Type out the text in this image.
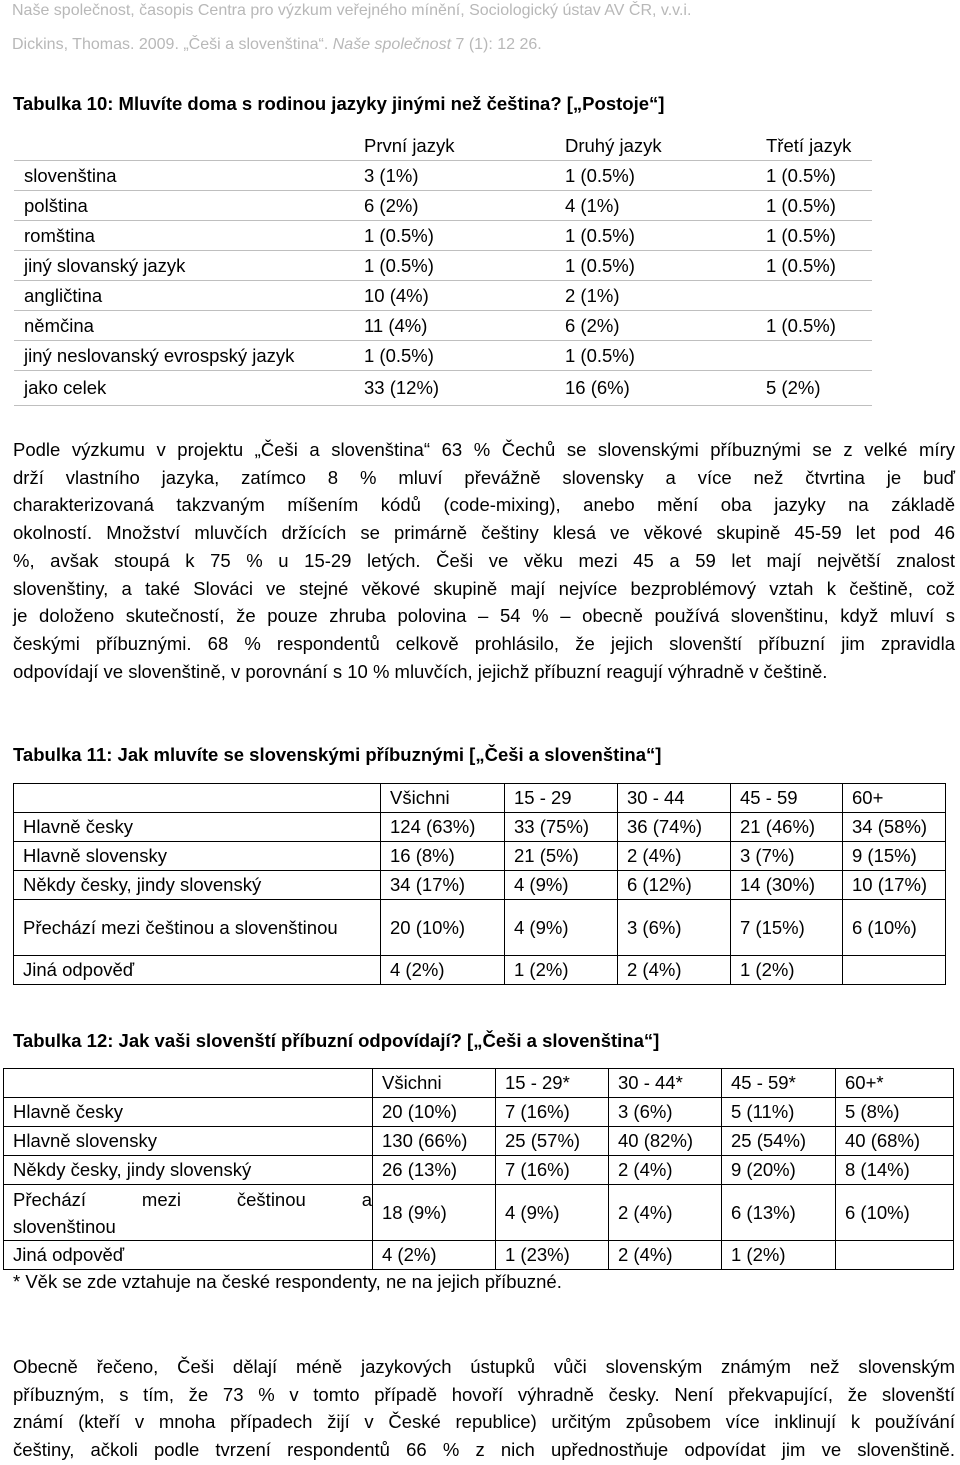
Naše společnost, časopis Centra pro výzkum veřejného mínění, Sociologický ústav AV ČR, v.v.i.
Dickins, Thomas. 2009. „Češi a slovenština“. Naše společnost 7 (1): 12 26.
Tabulka 10: Mluvíte doma s rodinou jazyky jinými než čeština? [„Postoje“]
	První jazyk	Druhý jazyk	Třetí jazyk
slovenština	3 (1%)	1 (0.5%)	1 (0.5%)
polština	6 (2%)	4 (1%)	1 (0.5%)
romština	1 (0.5%)	1 (0.5%)	1 (0.5%)
jiný slovanský jazyk	1 (0.5%)	1 (0.5%)	1 (0.5%)
angličtina	10 (4%)	2 (1%)	
němčina	11 (4%)	6 (2%)	1 (0.5%)
jiný neslovanský evrospský jazyk	1 (0.5%)	1 (0.5%)	
jako celek	33 (12%)	16 (6%)	5 (2%)
Podle výzkumu v projektu „Češi a slovenština“ 63 % Čechů se slovenskými příbuznými se z velké míry
drží vlastního jazyka, zatímco 8 % mluví převážně slovensky a více než čtvrtina je buď
charakterizovaná takzvaným míšením kódů (code-mixing), anebo mění oba jazyky na základě
okolností. Množství mluvčích držících se primárně češtiny klesá ve věkové skupině 45-59 let pod 46
%, avšak stoupá k 75 % u 15-29 letých. Češi ve věku mezi 45 a 59 let mají největší znalost
slovenštiny, a také Slováci ve stejné věkové skupině mají nejvíce bezproblémový vztah k češtině, což
je doloženo skutečností, že pouze zhruba polovina – 54 % – obecně používá slovenštinu, když mluví s
českými příbuznými. 68 % respondentů celkově prohlásilo, že jejich slovenští příbuzní jim zpravidla
odpovídají ve slovenštině, v porovnání s 10 % mluvčích, jejichž příbuzní reagují výhradně v češtině.
Tabulka 11: Jak mluvíte se slovenskými příbuznými [„Češi a slovenština“]
	Všichni	15 - 29	30 - 44	45 - 59	60+
Hlavně česky	124 (63%)	33 (75%)	36 (74%)	21 (46%)	34 (58%)
Hlavně slovensky	16 (8%)	21 (5%)	2 (4%)	3 (7%)	9 (15%)
Někdy česky, jindy slovenský	34 (17%)	4 (9%)	6 (12%)	14 (30%)	10 (17%)
Přechází mezi češtinou a slovenštinou	20 (10%)	4 (9%)	3 (6%)	7 (15%)	6 (10%)
Jiná odpověď	4 (2%)	1 (2%)	2 (4%)	1 (2%)	
Tabulka 12: Jak vaši slovenští příbuzní odpovídají? [„Češi a slovenština“]
	Všichni	15 - 29*	30 - 44*	45 - 59*	60+*
Hlavně česky	20 (10%)	7 (16%)	3 (6%)	5 (11%)	5 (8%)
Hlavně slovensky	130 (66%)	25 (57%)	40 (82%)	25 (54%)	40 (68%)
Někdy česky, jindy slovenský	26 (13%)	7 (16%)	2 (4%)	9 (20%)	8 (14%)

Přechází mezi češtinou a
slovenštinou	18 (9%)	4 (9%)	2 (4%)	6 (13%)	6 (10%)
Jiná odpověď	4 (2%)	1 (23%)	2 (4%)	1 (2%)	
* Věk se zde vztahuje na české respondenty, ne na jejich příbuzné.
Obecně řečeno, Češi dělají méně jazykových ústupků vůči slovenským známým než slovenským
příbuzným, s tím, že 73 % v tomto případě hovoří výhradně česky. Není překvapující, že slovenští
známí (kteří v mnoha případech žijí v České republice) určitým způsobem více inklinují k používání
češtiny, ačkoli podle tvrzení respondentů 66 % z nich upřednostňuje odpovídat jim ve slovenštině.
